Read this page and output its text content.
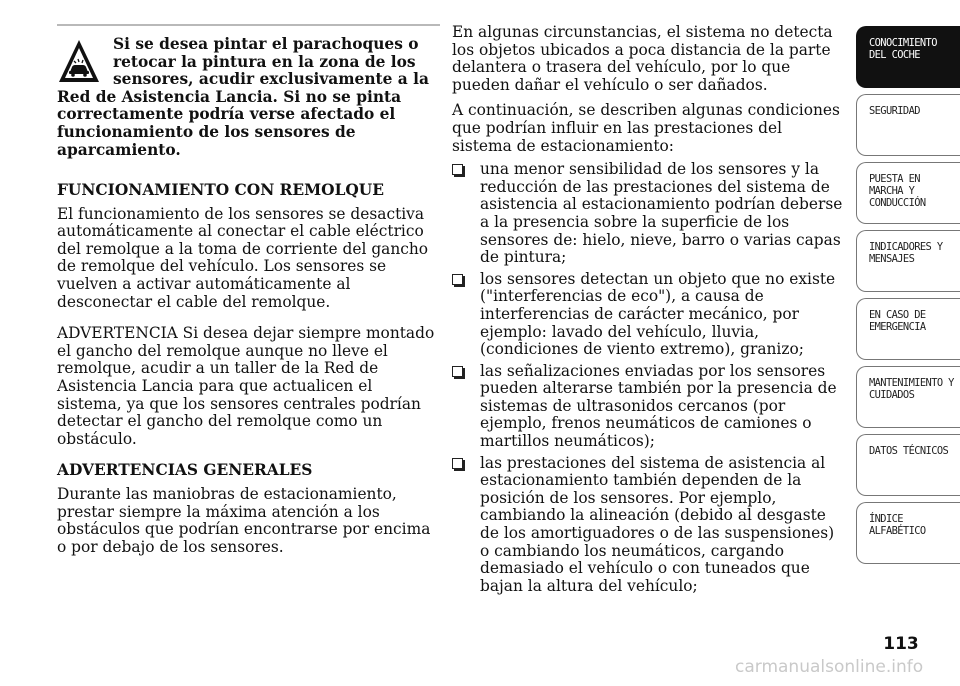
Si se desea pintar el parachoques o retocar la pintura en la zona de los sensores, acudir exclusivamente a la Red de Asistencia Lancia. Si no se pinta correctamente podría verse afectado el funcionamiento de los sensores de aparcamiento.

FUNCIONAMIENTO CON REMOLQUE

El funcionamiento de los sensores se desactiva automáticamente al conectar el cable eléctrico del remolque a la toma de corriente del gancho de remolque del vehículo. Los sensores se vuelven a activar automáticamente al desconectar el cable del remolque.

ADVERTENCIA Si desea dejar siempre montado el gancho del remolque aunque no lleve el remolque, acudir a un taller de la Red de Asistencia Lancia para que actualicen el sistema, ya que los sensores centrales podrían detectar el gancho del remolque como un obstáculo.

ADVERTENCIAS GENERALES

Durante las maniobras de estacionamiento, prestar siempre la máxima atención a los obstáculos que podrían encontrarse por encima o por debajo de los sensores.

En algunas circunstancias, el sistema no detecta los objetos ubicados a poca distancia de la parte delantera o trasera del vehículo, por lo que pueden dañar el vehículo o ser dañados.

A continuación, se describen algunas condiciones que podrían influir en las prestaciones del sistema de estacionamiento:

una menor sensibilidad de los sensores y la reducción de las prestaciones del sistema de asistencia al estacionamiento podrían deberse a la presencia sobre la superficie de los sensores de: hielo, nieve, barro o varias capas de pintura;
los sensores detectan un objeto que no existe ("interferencias de eco"), a causa de interferencias de carácter mecánico, por ejemplo: lavado del vehículo, lluvia, (condiciones de viento extremo), granizo;
las señalizaciones enviadas por los sensores pueden alterarse también por la presencia de sistemas de ultrasonidos cercanos (por ejemplo, frenos neumáticos de camiones o martillos neumáticos);
las prestaciones del sistema de asistencia al estacionamiento también dependen de la posición de los sensores. Por ejemplo, cambiando la alineación (debido al desgaste de los amortiguadores o de las suspensiones) o cambiando los neumáticos, cargando demasiado el vehículo o con tuneados que bajan la altura del vehículo;
CONOCIMIENTO
DEL COCHE
SEGURIDAD
PUESTA EN
MARCHA Y
CONDUCCIÓN
INDICADORES Y
MENSAJES
EN CASO DE
EMERGENCIA
MANTENIMIENTO Y
CUIDADOS
DATOS TÉCNICOS
ÍNDICE
ALFABÉTICO
113
carmanualsonline.info
